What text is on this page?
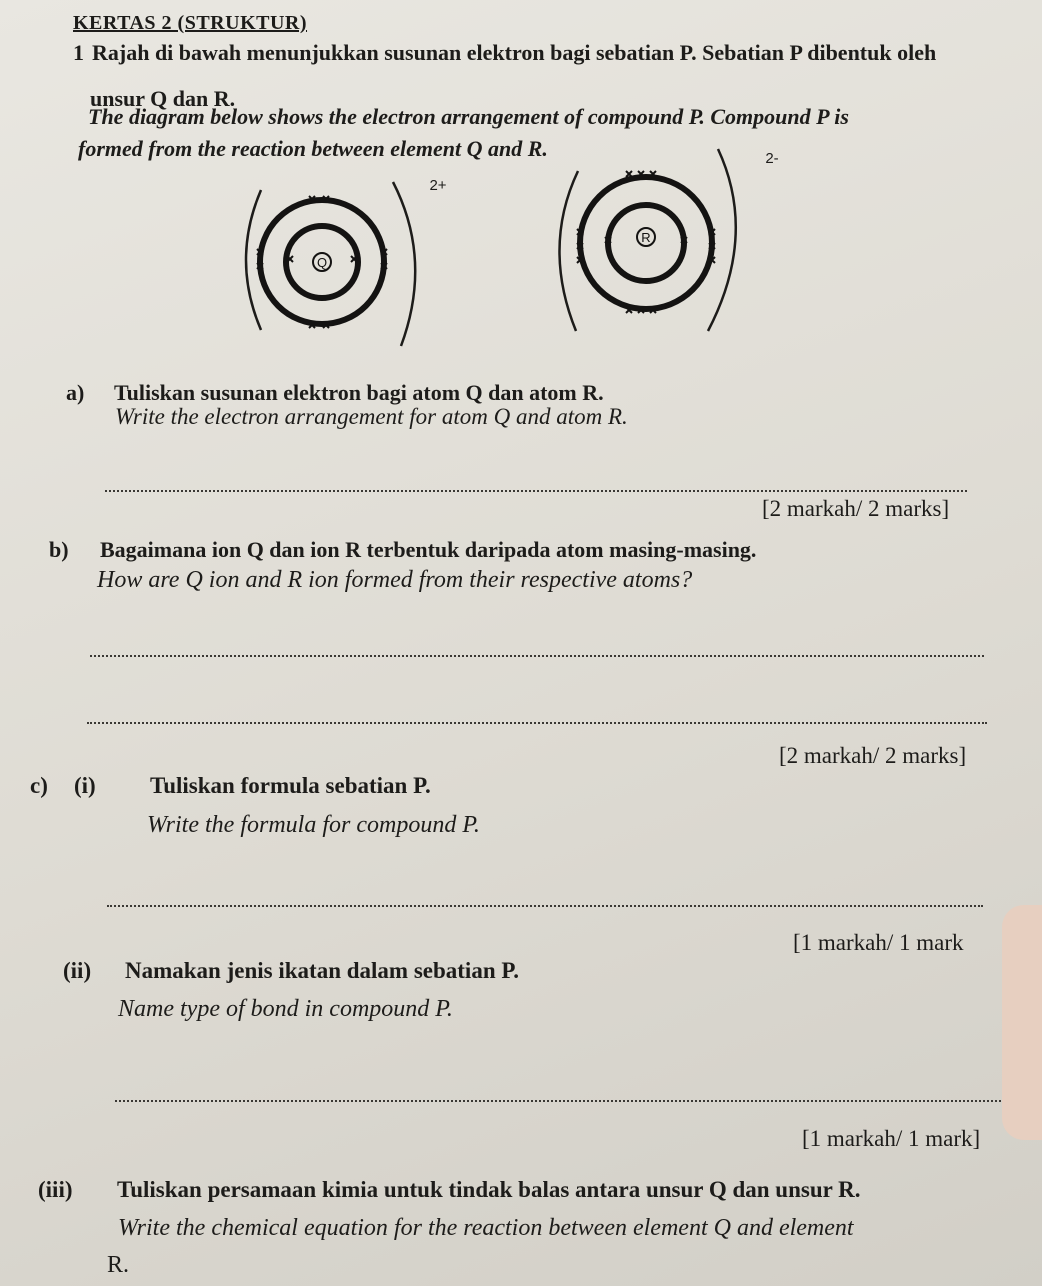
KERTAS 2 (STRUKTUR)
1 Rajah di bawah menunjukkan susunan elektron bagi sebatian P. Sebatian P dibentuk oleh
unsur Q dan R.
The diagram below shows the electron arrangement of compound P. Compound P is
formed from the reaction between element Q and R.
Q
2+
R
2-
a) Tuliskan susunan elektron bagi atom Q dan atom R.
Write the electron arrangement for atom Q and atom R.
[2 markah/ 2 marks]
b) Bagaimana ion Q dan ion R terbentuk daripada atom masing-masing.
How are Q ion and R ion formed from their respective atoms?
[2 markah/ 2 marks]
c) (i) Tuliskan formula sebatian P.
Write the formula for compound P.
[1 markah/ 1 mark
(ii) Namakan jenis ikatan dalam sebatian P.
Name type of bond in compound P.
[1 markah/ 1 mark]
(iii) Tuliskan persamaan kimia untuk tindak balas antara unsur Q dan unsur R.
Write the chemical equation for the reaction between element Q and element
R.
